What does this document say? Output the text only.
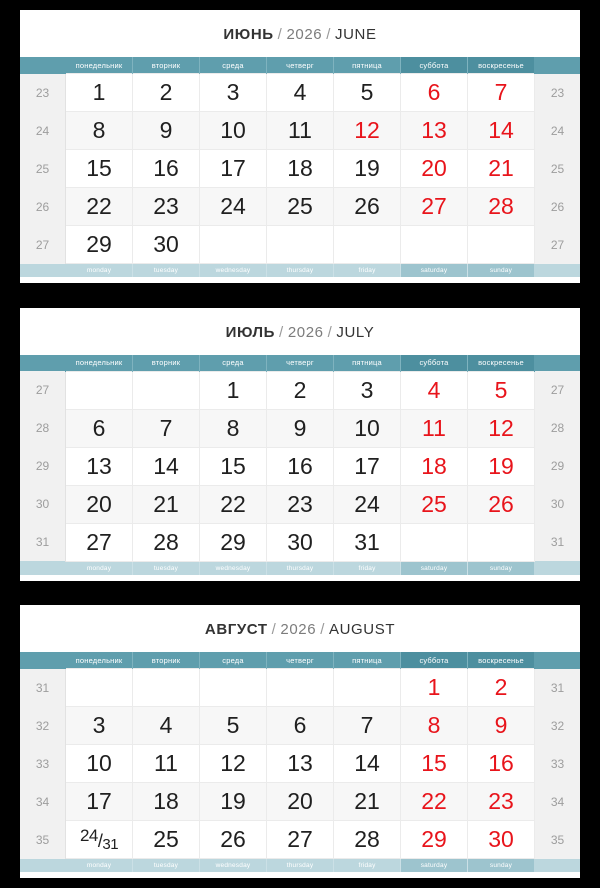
ИЮНЬ / 2026 / JUNE
	понедельник	вторник	среда	четверг	пятница	суббота	воскресенье	
23	1	2	3	4	5	6	7	23
24	8	9	10	11	12	13	14	24
25	15	16	17	18	19	20	21	25
26	22	23	24	25	26	27	28	26
27	29	30						27
	monday	tuesday	wednesday	thursday	friday	saturday	sunday	
ИЮЛЬ / 2026 / JULY
	понедельник	вторник	среда	четверг	пятница	суббота	воскресенье	
27			1	2	3	4	5	27
28	6	7	8	9	10	11	12	28
29	13	14	15	16	17	18	19	29
30	20	21	22	23	24	25	26	30
31	27	28	29	30	31			31
	monday	tuesday	wednesday	thursday	friday	saturday	sunday	
АВГУСТ / 2026 / AUGUST
	понедельник	вторник	среда	четверг	пятница	суббота	воскресенье	
31						1	2	31
32	3	4	5	6	7	8	9	32
33	10	11	12	13	14	15	16	33
34	17	18	19	20	21	22	23	34
35	24/31	25	26	27	28	29	30	35
	monday	tuesday	wednesday	thursday	friday	saturday	sunday	
